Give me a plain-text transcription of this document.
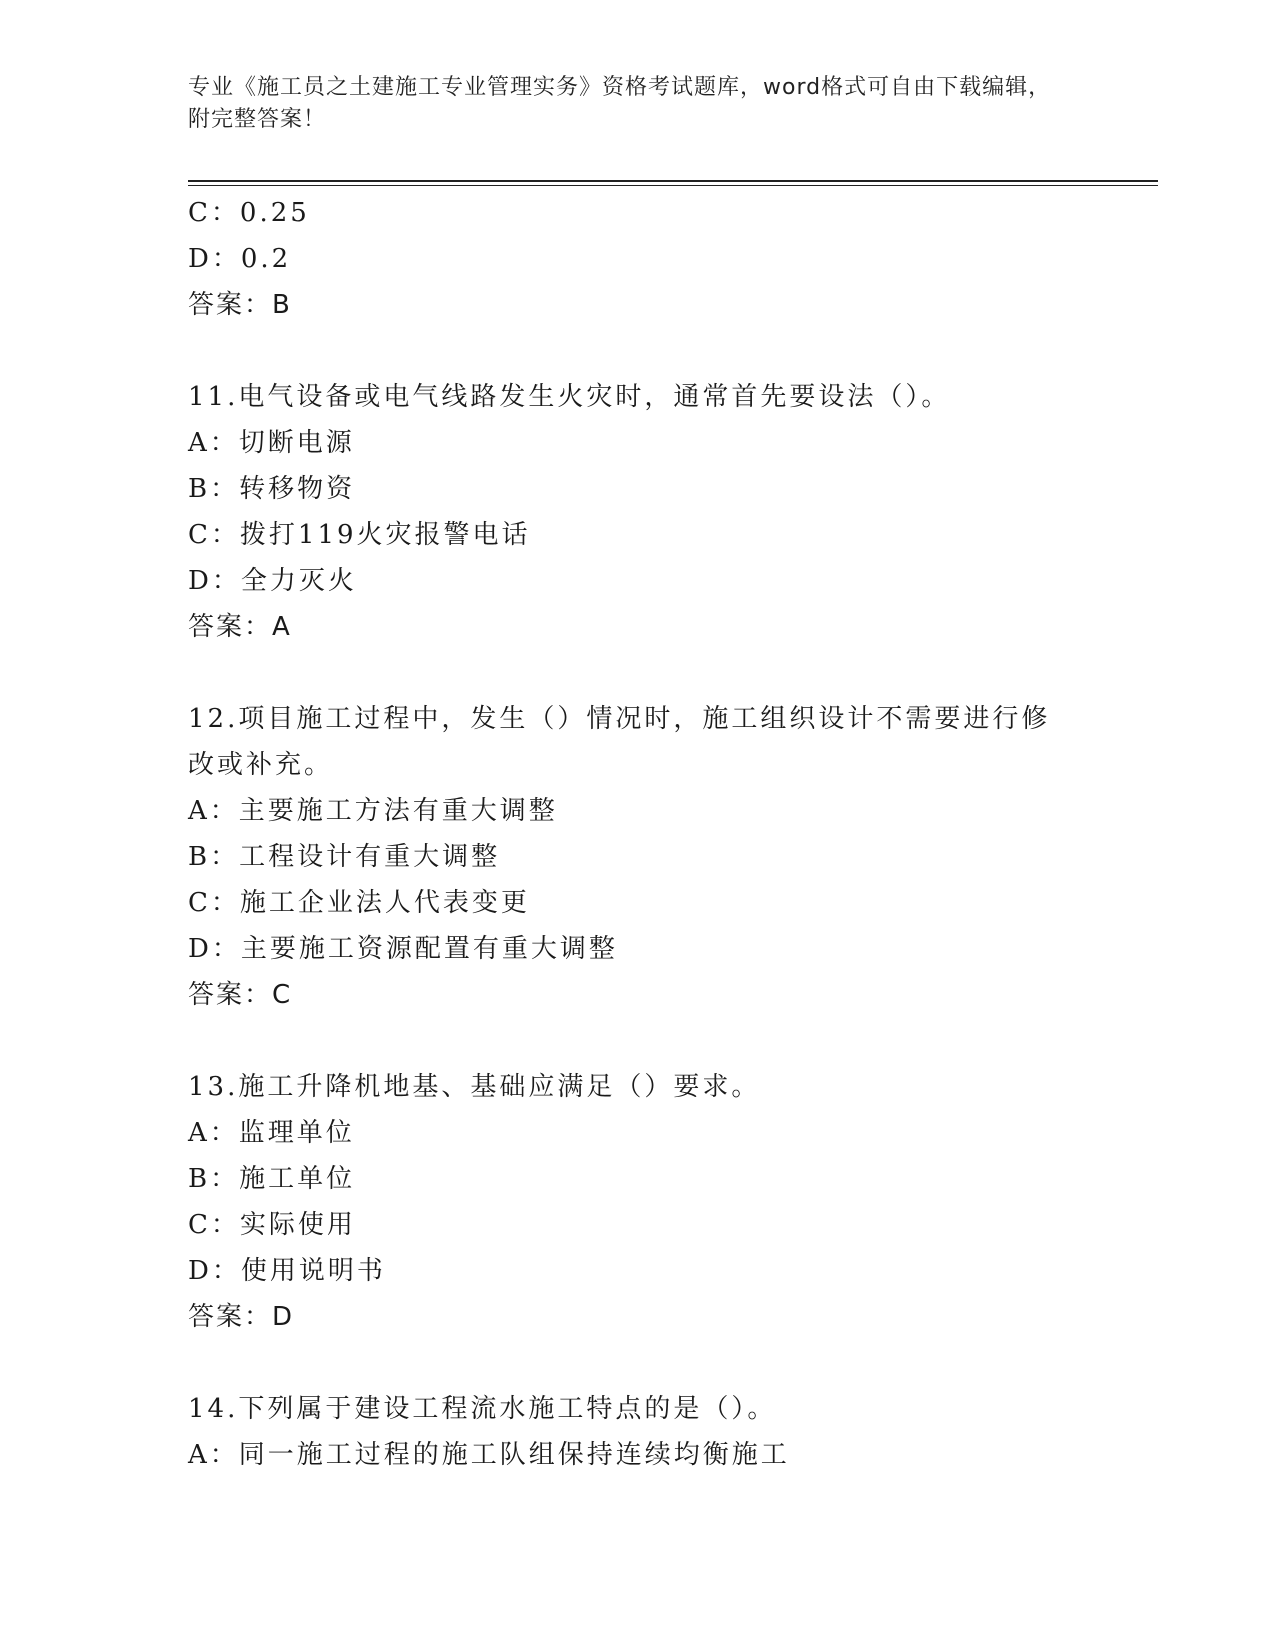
专业《施工员之土建施工专业管理实务》资格考试题库，word格式可自由下载编辑，附完整答案！
C：0.25
D：0.2
答案：B
11.电气设备或电气线路发生火灾时，通常首先要设法（）。
A：切断电源
B：转移物资
C：拨打119火灾报警电话
D：全力灭火
答案：A
12.项目施工过程中，发生（）情况时，施工组织设计不需要进行修改或补充。
A：主要施工方法有重大调整
B：工程设计有重大调整
C：施工企业法人代表变更
D：主要施工资源配置有重大调整
答案：C
13.施工升降机地基、基础应满足（）要求。
A：监理单位
B：施工单位
C：实际使用
D：使用说明书
答案：D
14.下列属于建设工程流水施工特点的是（）。
A：同一施工过程的施工队组保持连续均衡施工
